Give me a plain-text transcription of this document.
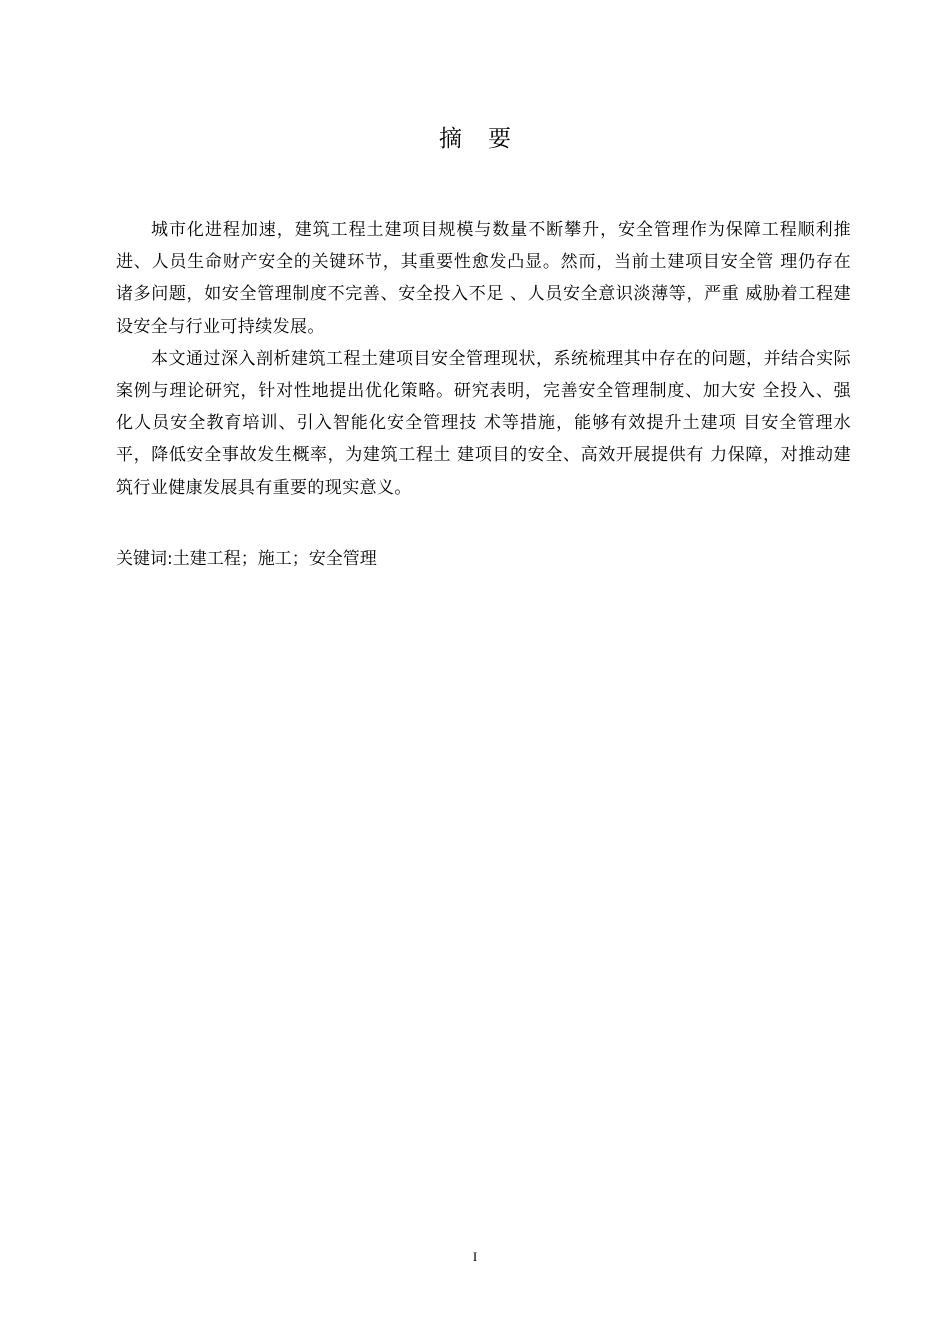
摘要

城市化进程加速，建筑工程土建项目规模与数量不断攀升，安全管理作为保障工程顺利推进、人员生命财产安全的关键环节，其重要性愈发凸显。然而，当前土建项目安全管 理仍存在诸多问题，如安全管理制度不完善、安全投入不足 、人员安全意识淡薄等，严重 威胁着工程建设安全与行业可持续发展。

本文通过深入剖析建筑工程土建项目安全管理现状，系统梳理其中存在的问题，并结合实际案例与理论研究，针对性地提出优化策略。研究表明，完善安全管理制度、加大安 全投入、强化人员安全教育培训、引入智能化安全管理技 术等措施，能够有效提升土建项 目安全管理水平，降低安全事故发生概率，为建筑工程土 建项目的安全、高效开展提供有 力保障，对推动建筑行业健康发展具有重要的现实意义。

关键词:土建工程；施工；安全管理

I
